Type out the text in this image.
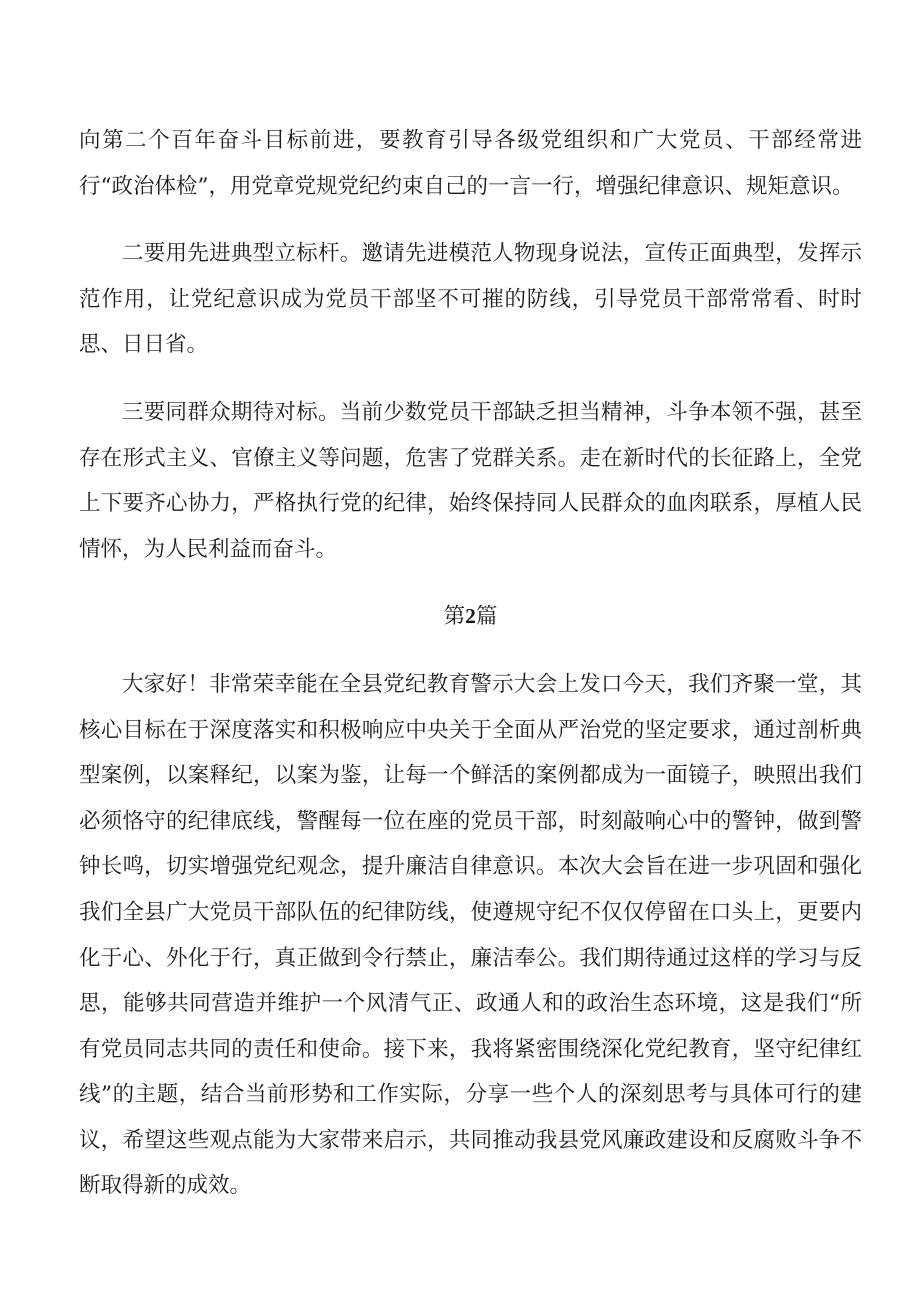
向第二个百年奋斗目标前进，要教育引导各级党组织和广大党员、干部经常进行“政治体检”，用党章党规党纪约束自己的一言一行，增强纪律意识、规矩意识。

二要用先进典型立标杆。邀请先进模范人物现身说法，宣传正面典型，发挥示范作用，让党纪意识成为党员干部坚不可摧的防线，引导党员干部常常看、时时思、日日省。

三要同群众期待对标。当前少数党员干部缺乏担当精神，斗争本领不强，甚至存在形式主义、官僚主义等问题，危害了党群关系。走在新时代的长征路上，全党上下要齐心协力，严格执行党的纪律，始终保持同人民群众的血肉联系，厚植人民情怀，为人民利益而奋斗。

第2篇

大家好！非常荣幸能在全县党纪教育警示大会上发口今天，我们齐聚一堂，其核心目标在于深度落实和积极响应中央关于全面从严治党的坚定要求，通过剖析典型案例，以案释纪，以案为鉴，让每一个鲜活的案例都成为一面镜子，映照出我们必须恪守的纪律底线，警醒每一位在座的党员干部，时刻敲响心中的警钟，做到警钟长鸣，切实增强党纪观念，提升廉洁自律意识。本次大会旨在进一步巩固和强化我们全县广大党员干部队伍的纪律防线，使遵规守纪不仅仅停留在口头上，更要内化于心、外化于行，真正做到令行禁止，廉洁奉公。我们期待通过这样的学习与反思，能够共同营造并维护一个风清气正、政通人和的政治生态环境，这是我们“所有党员同志共同的责任和使命。接下来，我将紧密围绕深化党纪教育，坚守纪律红线”的主题，结合当前形势和工作实际，分享一些个人的深刻思考与具体可行的建议，希望这些观点能为大家带来启示，共同推动我县党风廉政建设和反腐败斗争不断取得新的成效。
